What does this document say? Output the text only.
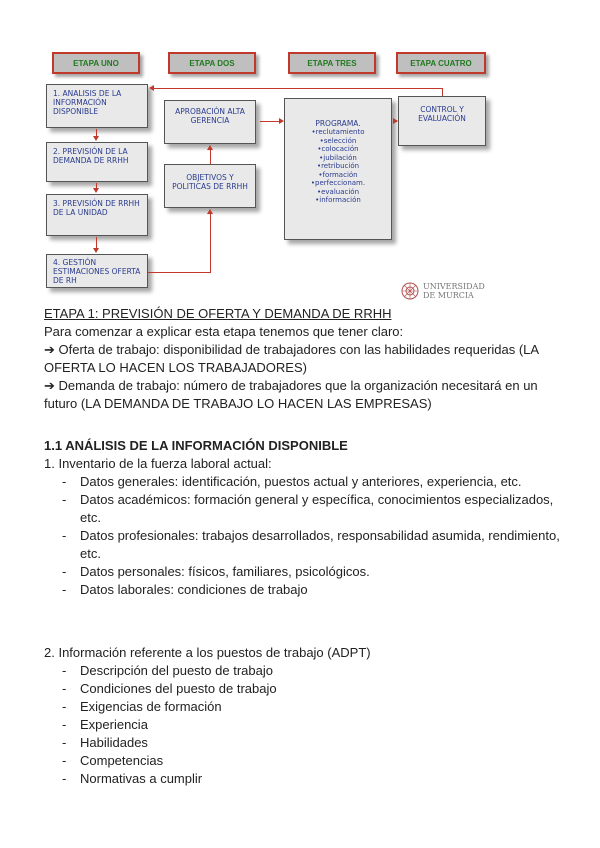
ETAPA UNO	ETAPA DOS	ETAPA TRES	ETAPA CUATRO
1. ANALISIS DE LA INFORMACIÓN DISPONIBLE
2. PREVISIÓN DE LA DEMANDA DE RRHH
3. PREVISIÓN DE RRHH DE LA UNIDAD
4. GESTIÓN ESTIMACIONES OFERTA DE RH
APROBACIÓN ALTA GERENCIA
OBJETIVOS Y POLITICAS DE RRHH
PROGRAMA.
•reclutamiento
•selección
•colocación
•jubilación
•retribución
•formación
•perfeccionam.
•evaluación
•información
CONTROL Y EVALUACIÓN
UNIVERSIDAD
DE MURCIA
ETAPA 1: PREVISIÓN DE OFERTA Y DEMANDA DE RRHH
Para comenzar a explicar esta etapa tenemos que tener claro:
➔ Oferta de trabajo: disponibilidad de trabajadores con las habilidades requeridas (LA OFERTA LO HACEN LOS TRABAJADORES)
➔ Demanda de trabajo: número de trabajadores que la organización necesitará en un futuro (LA DEMANDA DE TRABAJO LO HACEN LAS EMPRESAS)
1.1 ANÁLISIS DE LA INFORMACIÓN DISPONIBLE
1. Inventario de la fuerza laboral actual:
- Datos generales: identificación, puestos actual y anteriores, experiencia, etc.
- Datos académicos: formación general y específica, conocimientos especializados, etc.
- Datos profesionales: trabajos desarrollados, responsabilidad asumida, rendimiento, etc.
- Datos personales: físicos, familiares, psicológicos.
- Datos laborales: condiciones de trabajo
2. Información referente a los puestos de trabajo (ADPT)
- Descripción del puesto de trabajo
- Condiciones del puesto de trabajo
- Exigencias de formación
- Experiencia
- Habilidades
- Competencias
- Normativas a cumplir
